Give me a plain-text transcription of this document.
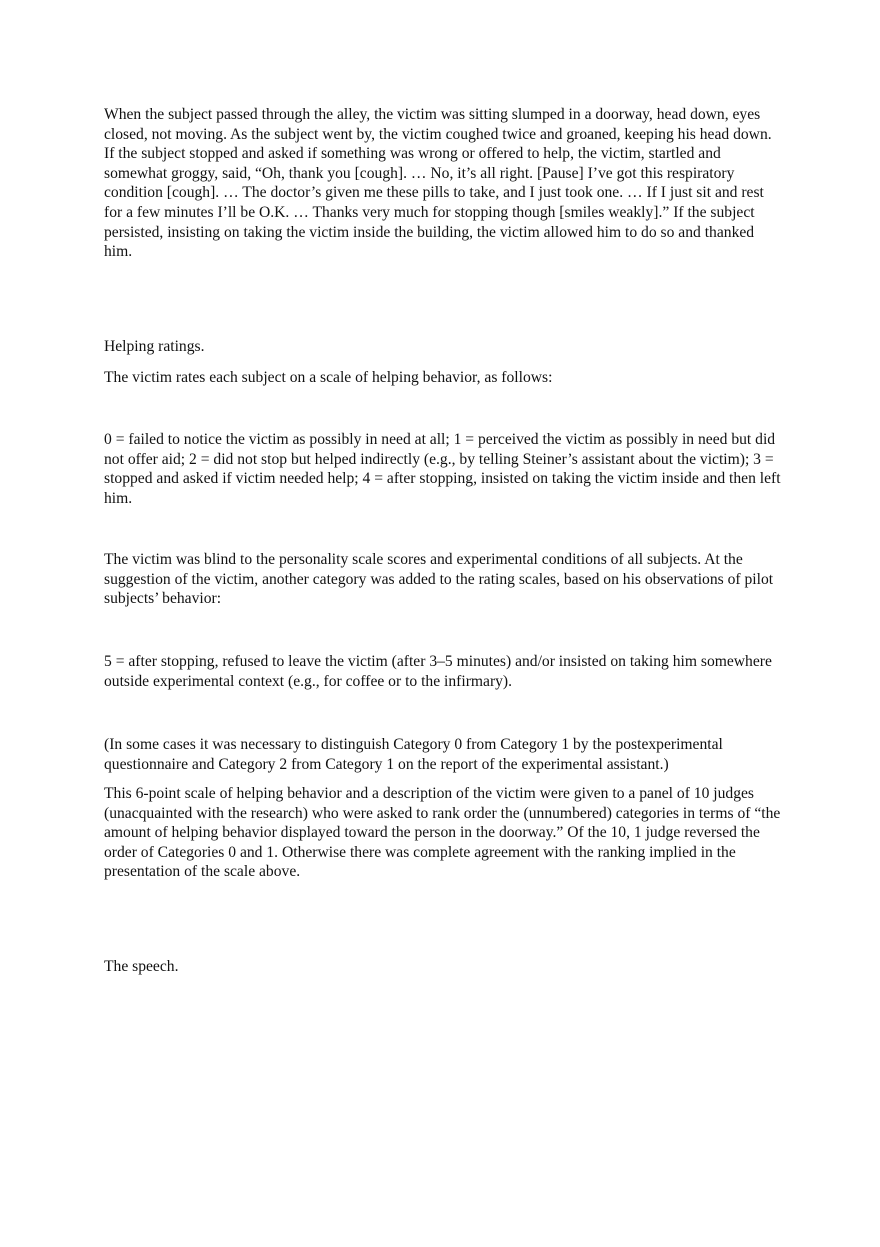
When the subject passed through the alley, the victim was sitting slumped in a doorway, head down, eyes closed, not moving. As the subject went by, the victim coughed twice and groaned, keeping his head down. If the subject stopped and asked if something was wrong or offered to help, the victim, startled and somewhat groggy, said, “Oh, thank you [cough]. … No, it’s all right. [Pause] I’ve got this respiratory condition [cough]. … The doctor’s given me these pills to take, and I just took one. … If I just sit and rest for a few minutes I’ll be O.K. … Thanks very much for stopping though [smiles weakly].” If the subject persisted, insisting on taking the victim inside the building, the victim allowed him to do so and thanked him.

Helping ratings.

The victim rates each subject on a scale of helping behavior, as follows:

0 = failed to notice the victim as possibly in need at all; 1 = perceived the victim as possibly in need but did not offer aid; 2 = did not stop but helped indirectly (e.g., by telling Steiner’s assistant about the victim); 3 = stopped and asked if victim needed help; 4 = after stopping, insisted on taking the victim inside and then left him.

The victim was blind to the personality scale scores and experimental conditions of all subjects. At the suggestion of the victim, another category was added to the rating scales, based on his observations of pilot subjects’ behavior:

5 = after stopping, refused to leave the victim (after 3–5 minutes) and/or insisted on taking him somewhere outside experimental context (e.g., for coffee or to the infirmary).

(In some cases it was necessary to distinguish Category 0 from Category 1 by the postexperimental questionnaire and Category 2 from Category 1 on the report of the experimental assistant.)

This 6-point scale of helping behavior and a description of the victim were given to a panel of 10 judges (unacquainted with the research) who were asked to rank order the (unnumbered) categories in terms of “the amount of helping behavior displayed toward the person in the doorway.” Of the 10, 1 judge reversed the order of Categories 0 and 1. Otherwise there was complete agreement with the ranking implied in the presentation of the scale above.

The speech.
